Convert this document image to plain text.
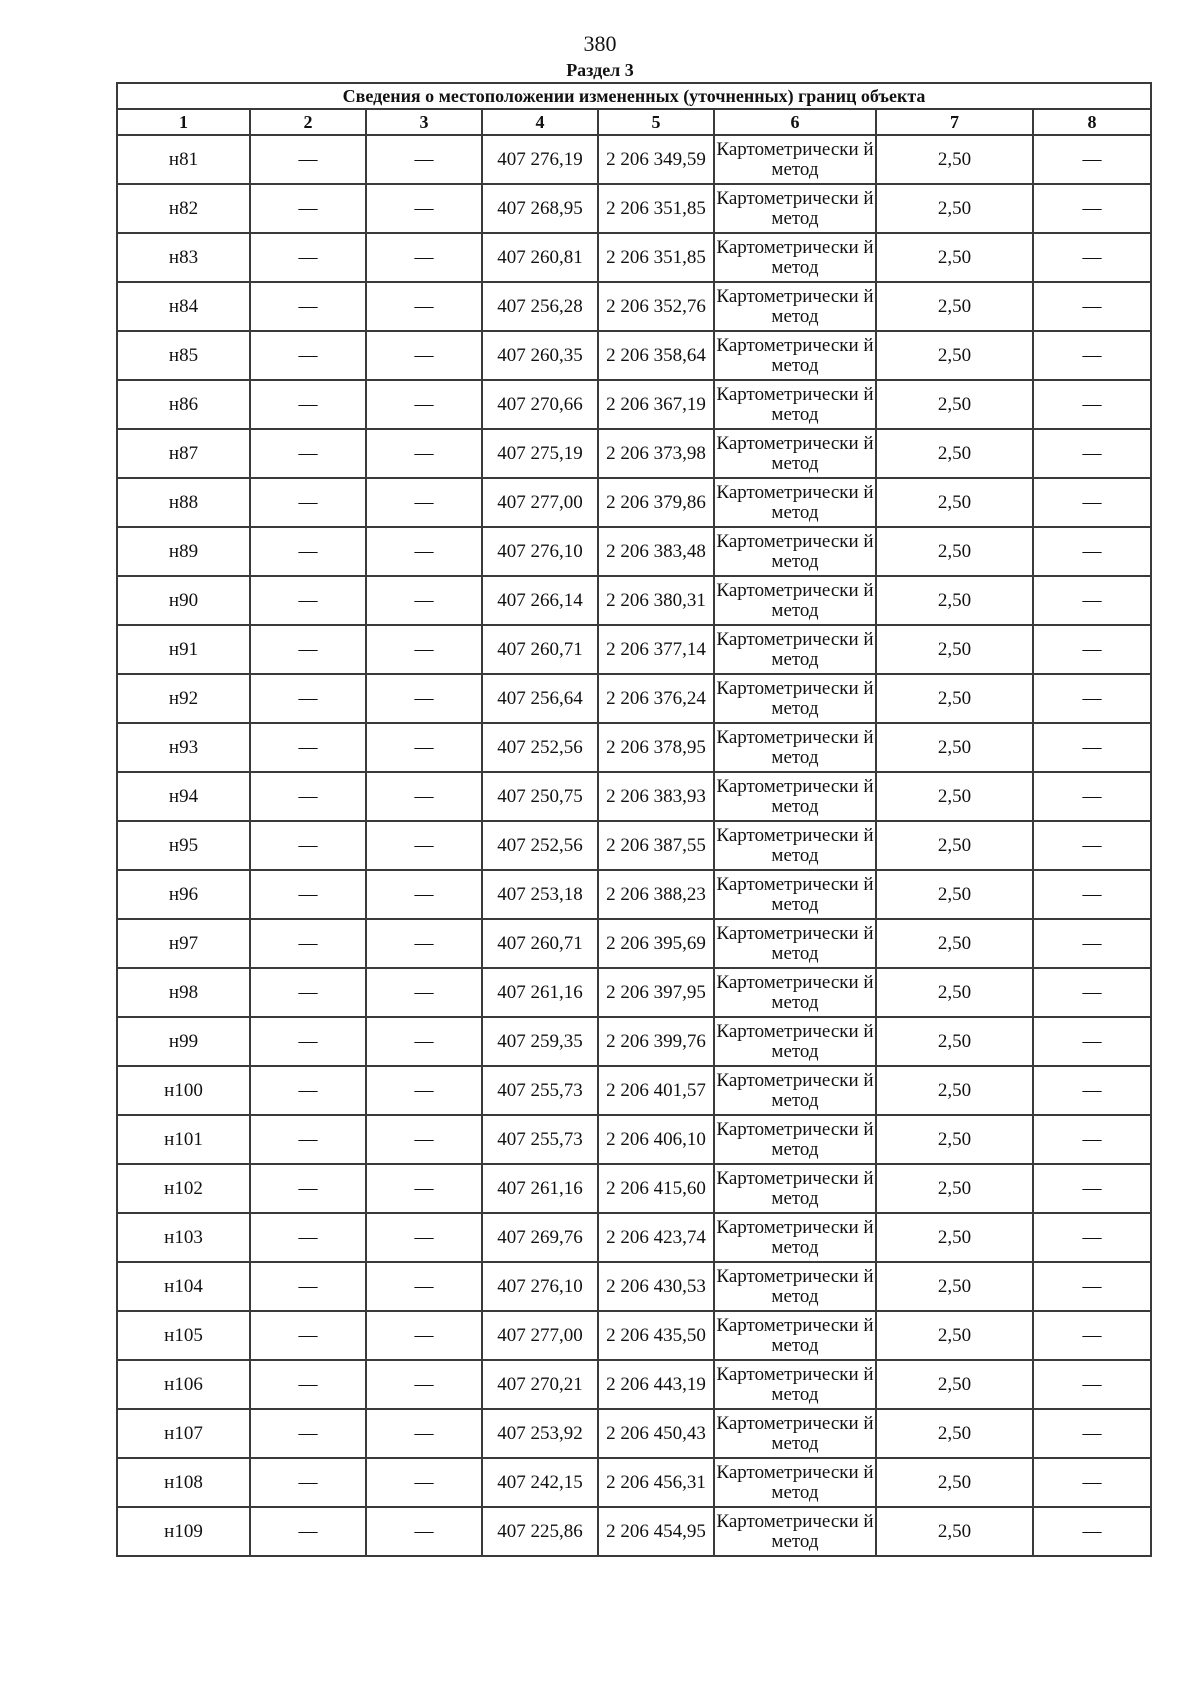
380
Раздел 3
Сведения о местоположении измененных (уточненных) границ объекта							
1	2	3	4	5	6	7	8
н81	—	—	407 276,19	2 206 349,59	Картометрически й метод	2,50	—
н82	—	—	407 268,95	2 206 351,85	Картометрически й метод	2,50	—
н83	—	—	407 260,81	2 206 351,85	Картометрически й метод	2,50	—
н84	—	—	407 256,28	2 206 352,76	Картометрически й метод	2,50	—
н85	—	—	407 260,35	2 206 358,64	Картометрически й метод	2,50	—
н86	—	—	407 270,66	2 206 367,19	Картометрически й метод	2,50	—
н87	—	—	407 275,19	2 206 373,98	Картометрически й метод	2,50	—
н88	—	—	407 277,00	2 206 379,86	Картометрически й метод	2,50	—
н89	—	—	407 276,10	2 206 383,48	Картометрически й метод	2,50	—
н90	—	—	407 266,14	2 206 380,31	Картометрически й метод	2,50	—
н91	—	—	407 260,71	2 206 377,14	Картометрически й метод	2,50	—
н92	—	—	407 256,64	2 206 376,24	Картометрически й метод	2,50	—
н93	—	—	407 252,56	2 206 378,95	Картометрически й метод	2,50	—
н94	—	—	407 250,75	2 206 383,93	Картометрически й метод	2,50	—
н95	—	—	407 252,56	2 206 387,55	Картометрически й метод	2,50	—
н96	—	—	407 253,18	2 206 388,23	Картометрически й метод	2,50	—
н97	—	—	407 260,71	2 206 395,69	Картометрически й метод	2,50	—
н98	—	—	407 261,16	2 206 397,95	Картометрически й метод	2,50	—
н99	—	—	407 259,35	2 206 399,76	Картометрически й метод	2,50	—
н100	—	—	407 255,73	2 206 401,57	Картометрически й метод	2,50	—
н101	—	—	407 255,73	2 206 406,10	Картометрически й метод	2,50	—
н102	—	—	407 261,16	2 206 415,60	Картометрически й метод	2,50	—
н103	—	—	407 269,76	2 206 423,74	Картометрически й метод	2,50	—
н104	—	—	407 276,10	2 206 430,53	Картометрически й метод	2,50	—
н105	—	—	407 277,00	2 206 435,50	Картометрически й метод	2,50	—
н106	—	—	407 270,21	2 206 443,19	Картометрически й метод	2,50	—
н107	—	—	407 253,92	2 206 450,43	Картометрически й метод	2,50	—
н108	—	—	407 242,15	2 206 456,31	Картометрически й метод	2,50	—
н109	—	—	407 225,86	2 206 454,95	Картометрически й метод	2,50	—
